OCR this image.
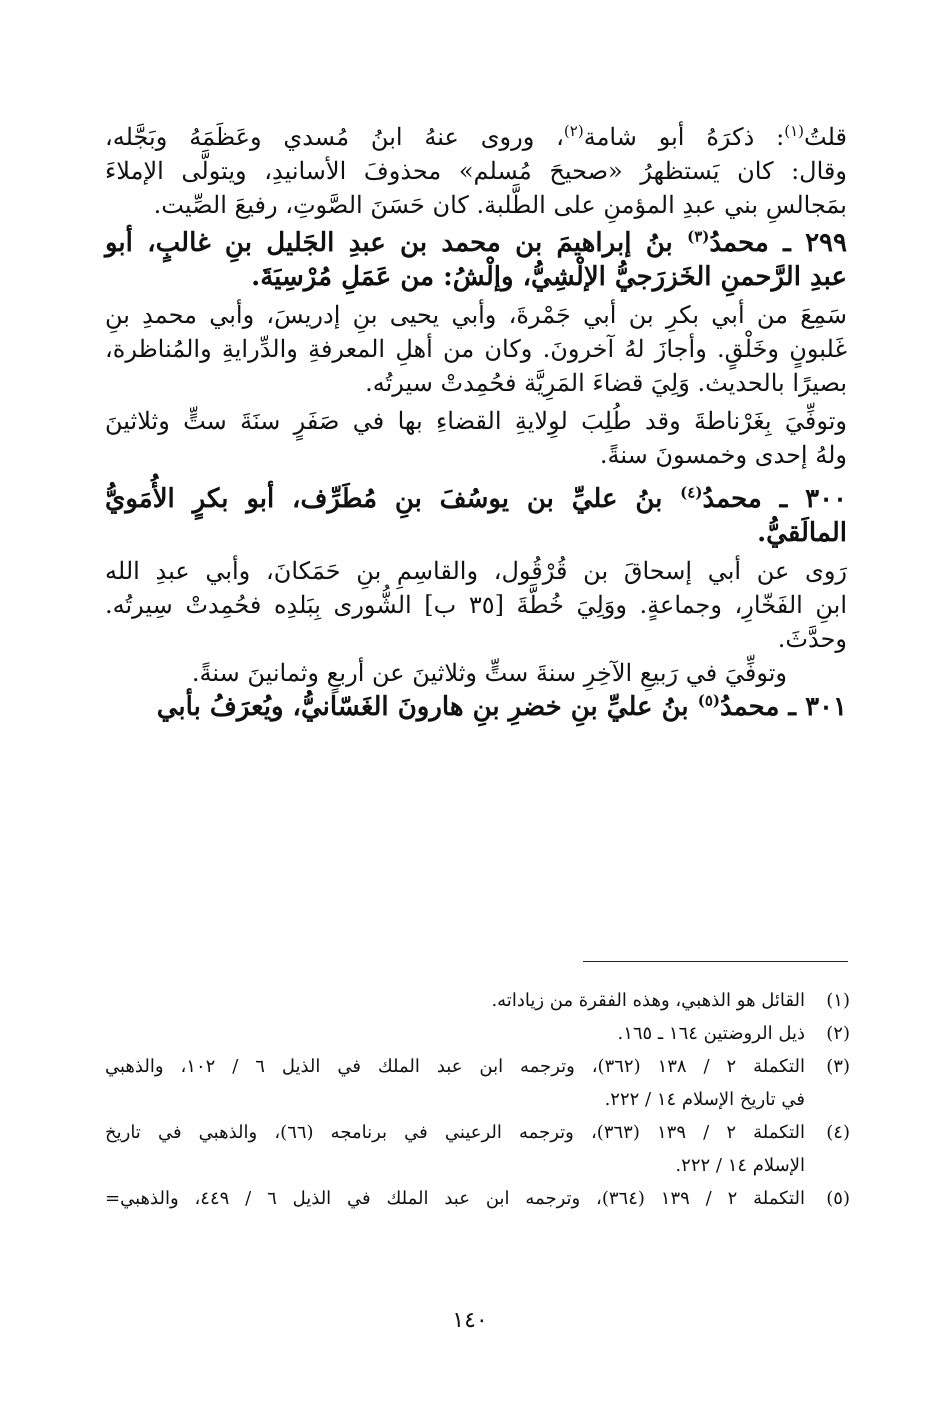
قلتُ$^{(١)}$: ذكرَهُ أبو شامة$^{(٢)}$، وروى عنهُ ابنُ مُسدي وعَظَمَهُ وبَجَّله،
وقال: كان يَستظهرُ «صحيحَ مُسلم» محذوفَ الأسانيدِ، ويتولَّى الإملاءَ
بمَجالسِ بني عبدِ المؤمنِ على الطَّلبة. كان حَسَنَ الصَّوتِ، رفيعَ الصِّيت.
٢٩٩ ـ محمدُ$^{(٣)}$ بنُ إبراهيمَ بن محمد بن عبدِ الجَليل بنِ غالبٍ، أبو
عبدِ الرَّحمنِ الخَزرَجيُّ الإلْشِيُّ، وإلْشُ: من عَمَلِ مُرْسِيَةَ.
سَمِعَ من أبي بكرِ بن أبي جَمْرةَ، وأبي يحيى بنِ إدريسَ، وأبي محمدِ بنِ
غَلبونٍ وخَلْقٍ. وأجازَ لهُ آخرونَ. وكان من أهلِ المعرفةِ والدِّرايةِ والمُناظرة،
بصيرًا بالحديث. وَلِيَ قضاءَ المَرِيَّة فحُمِدتْ سيرتُه.
وتوفِّيَ بِغَرْناطةَ وقد طُلِبَ لوِلايةِ القضاءِ بها في صَفَرٍ سنَةَ ستٍّ وثلاثينَ
ولهُ إحدى وخمسونَ سنةً.
٣٠٠ ـ محمدُ$^{(٤)}$ بنُ عليِّ بن يوسُفَ بنِ مُطَرِّف، أبو بكرٍ الأُمَويُّ
المالَقيُّ.
رَوى عن أبي إسحاقَ بن قُرْقُول، والقاسِمِ بنِ حَمَكانَ، وأبي عبدِ الله
ابنِ الفَخّارِ، وجماعةٍ. ووَلِيَ خُطَّةَ [٣٥ ب] الشُّورى بِبَلدِه فحُمِدتْ سِيرتُه.
وحدَّثَ.
وتوفِّيَ في رَبيعِ الآخِرِ سنةَ ستٍّ وثلاثينَ عن أربعٍ وثمانينَ سنةً.
٣٠١ ـ محمدُ$^{(٥)}$ بنُ عليِّ بنِ خضرِ بنِ هارونَ الغَسّانيُّ، ويُعرَفُ بأبي
(١)
القائل هو الذهبي، وهذه الفقرة من زياداته.
(٢)
ذيل الروضتين ١٦٤ ـ ١٦٥.
(٣)
التكملة ٢ / ١٣٨ (٣٦٢)، وترجمه ابن عبد الملك في الذيل ٦ / ١٠٢، والذهبي
في تاريخ الإسلام ١٤ / ٢٢٢.
(٤)
التكملة ٢ / ١٣٩ (٣٦٣)، وترجمه الرعيني في برنامجه (٦٦)، والذهبي في تاريخ
الإسلام ١٤ / ٢٢٢.
(٥)
التكملة ٢ / ١٣٩ (٣٦٤)، وترجمه ابن عبد الملك في الذيل ٦ / ٤٤٩، والذهبي=
١٤٠
